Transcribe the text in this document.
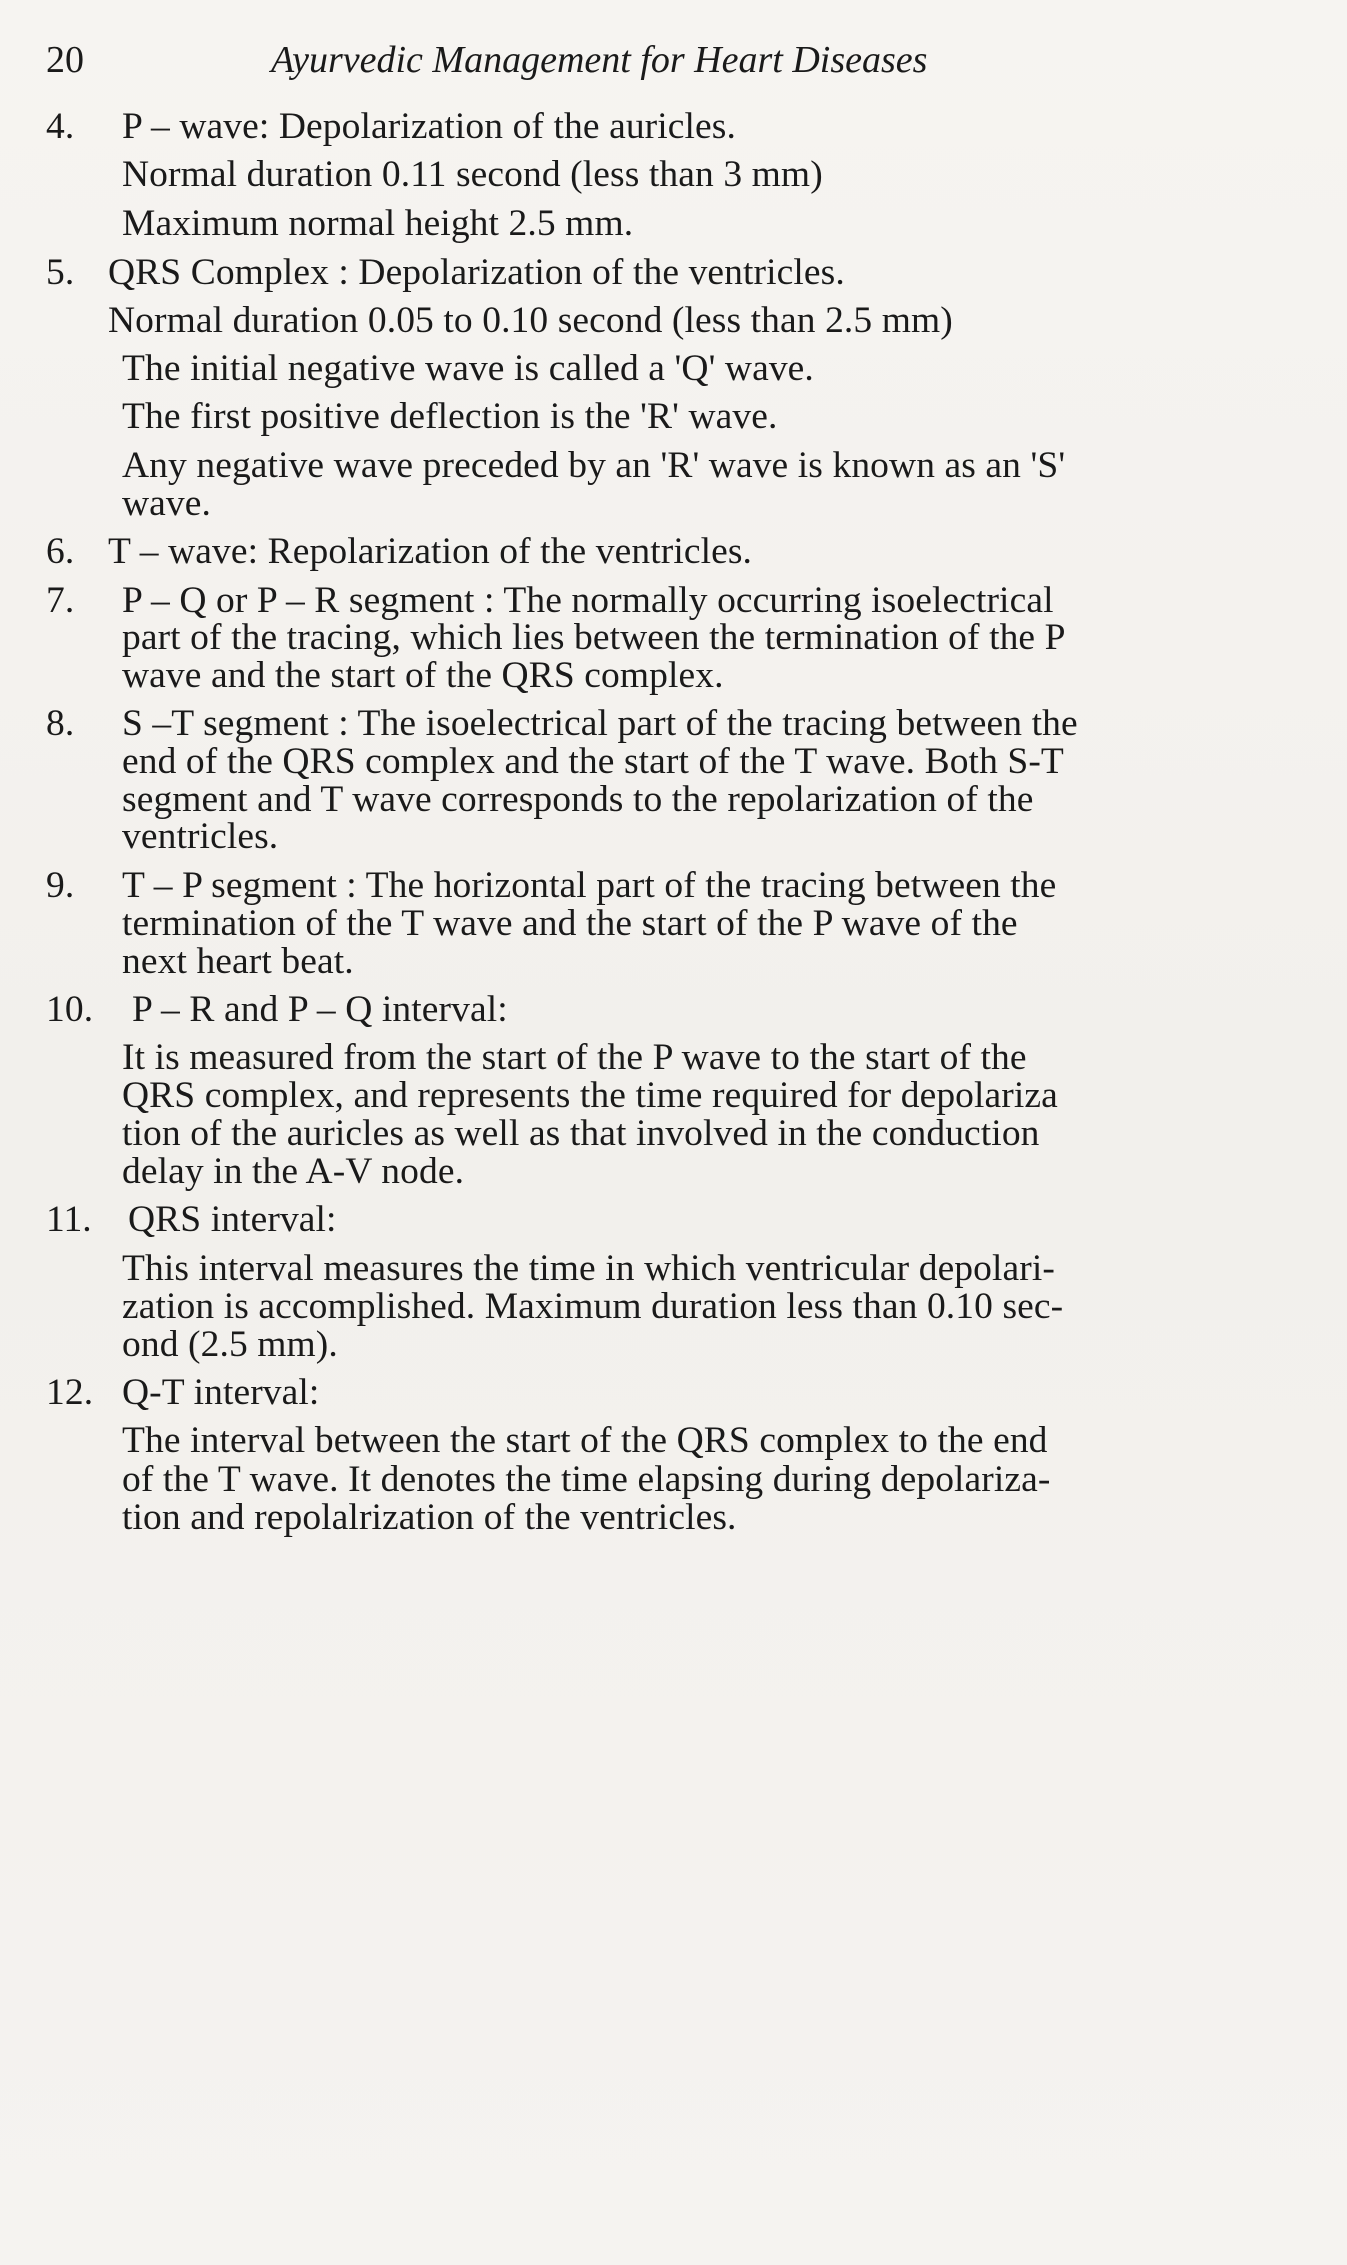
20	Ayurvedic Management for Heart Diseases
4. P – wave: Depolarization of the auricles.
Normal duration 0.11 second (less than 3 mm)
Maximum normal height 2.5 mm.
5. QRS Complex : Depolarization of the ventricles.
Normal duration 0.05 to 0.10 second (less than 2.5 mm)
The initial negative wave is called a 'Q' wave.
The first positive deflection is the 'R' wave.
Any negative wave preceded by an 'R' wave is known as an 'S'
wave.
6. T – wave: Repolarization of the ventricles.
7. P – Q or P – R segment : The normally occurring isoelectrical
part of the tracing, which lies between the termination of the P
wave and the start of the QRS complex.
8. S –T segment : The isoelectrical part of the tracing between the
end of the QRS complex and the start of the T wave. Both S-T
segment and T wave corresponds to the repolarization of the
ventricles.
9. T – P segment : The horizontal part of the tracing between the
termination of the T wave and the start of the P wave of the
next heart beat.
10. P – R and P – Q interval:
It is measured from the start of the P wave to the start of the
QRS complex, and represents the time required for depolariza
tion of the auricles as well as that involved in the conduction
delay in the A-V node.
11. QRS interval:
This interval measures the time in which ventricular depolari-
zation is accomplished. Maximum duration less than 0.10 sec-
ond (2.5 mm).
12. Q-T interval:
The interval between the start of the QRS complex to the end
of the T wave. It denotes the time elapsing during depolariza-
tion and repolalrization of the ventricles.
